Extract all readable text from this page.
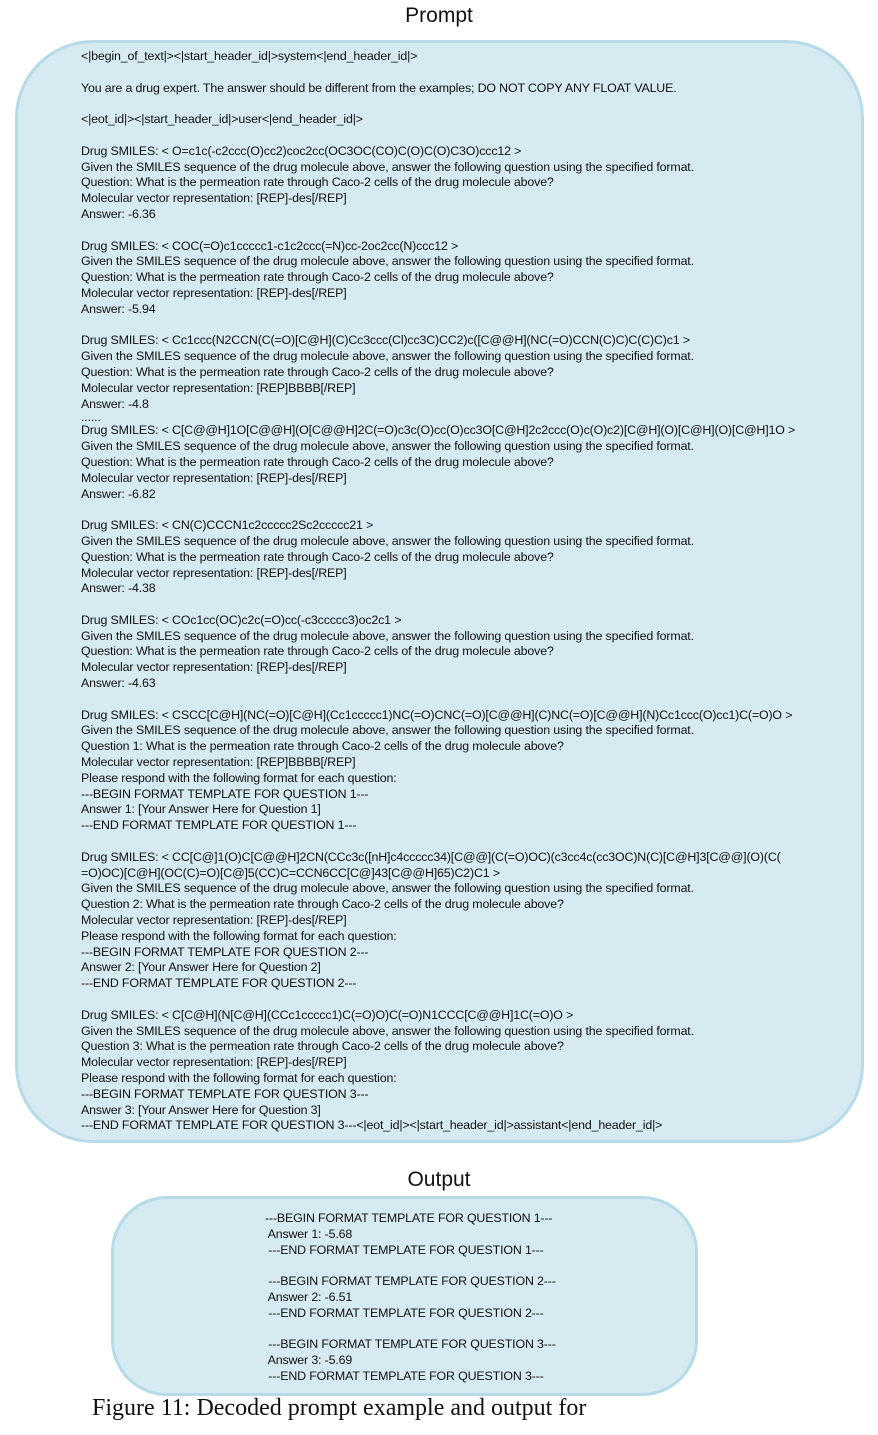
Prompt
<|begin_of_text|><|start_header_id|>system<|end_header_id|>
You are a drug expert. The answer should be different from the examples; DO NOT COPY ANY FLOAT VALUE.
<|eot_id|><|start_header_id|>user<|end_header_id|>
Drug SMILES: < O=c1c(-c2ccc(O)cc2)coc2cc(OC3OC(CO)C(O)C(O)C3O)ccc12 >
Given the SMILES sequence of the drug molecule above, answer the following question using the specified format.
Question: What is the permeation rate through Caco-2 cells of the drug molecule above?
Molecular vector representation: [REP]-des[/REP]
Answer: -6.36
Drug SMILES: < COC(=O)c1ccccc1-c1c2ccc(=N)cc-2oc2cc(N)ccc12 >
Given the SMILES sequence of the drug molecule above, answer the following question using the specified format.
Question: What is the permeation rate through Caco-2 cells of the drug molecule above?
Molecular vector representation: [REP]-des[/REP]
Answer: -5.94
Drug SMILES: < Cc1ccc(N2CCN(C(=O)[C@H](C)Cc3ccc(Cl)cc3C)CC2)c([C@@H](NC(=O)CCN(C)C)C(C)C)c1 >
Given the SMILES sequence of the drug molecule above, answer the following question using the specified format.
Question: What is the permeation rate through Caco-2 cells of the drug molecule above?
Molecular vector representation: [REP]BBBB[/REP]
Answer: -4.8
......
Drug SMILES: < C[C@@H]1O[C@@H](O[C@@H]2C(=O)c3c(O)cc(O)cc3O[C@H]2c2ccc(O)c(O)c2)[C@H](O)[C@H](O)[C@H]1O >
Given the SMILES sequence of the drug molecule above, answer the following question using the specified format.
Question: What is the permeation rate through Caco-2 cells of the drug molecule above?
Molecular vector representation: [REP]-des[/REP]
Answer: -6.82
Drug SMILES: < CN(C)CCCN1c2ccccc2Sc2ccccc21 >
Given the SMILES sequence of the drug molecule above, answer the following question using the specified format.
Question: What is the permeation rate through Caco-2 cells of the drug molecule above?
Molecular vector representation: [REP]-des[/REP]
Answer: -4.38
Drug SMILES: < COc1cc(OC)c2c(=O)cc(-c3ccccc3)oc2c1 >
Given the SMILES sequence of the drug molecule above, answer the following question using the specified format.
Question: What is the permeation rate through Caco-2 cells of the drug molecule above?
Molecular vector representation: [REP]-des[/REP]
Answer: -4.63
Drug SMILES: < CSCC[C@H](NC(=O)[C@H](Cc1ccccc1)NC(=O)CNC(=O)[C@@H](C)NC(=O)[C@@H](N)Cc1ccc(O)cc1)C(=O)O >
Given the SMILES sequence of the drug molecule above, answer the following question using the specified format.
Question 1: What is the permeation rate through Caco-2 cells of the drug molecule above?
Molecular vector representation: [REP]BBBB[/REP]
Please respond with the following format for each question:
---BEGIN FORMAT TEMPLATE FOR QUESTION 1---
Answer 1: [Your Answer Here for Question 1]
---END FORMAT TEMPLATE FOR QUESTION 1---
Drug SMILES: < CC[C@]1(O)C[C@@H]2CN(CCc3c([nH]c4ccccc34)[C@@](C(=O)OC)(c3cc4c(cc3OC)N(C)[C@H]3[C@@](O)(C(
=O)OC)[C@H](OC(C)=O)[C@]5(CC)C=CCN6CC[C@]43[C@@H]65)C2)C1 >
Given the SMILES sequence of the drug molecule above, answer the following question using the specified format.
Question 2: What is the permeation rate through Caco-2 cells of the drug molecule above?
Molecular vector representation: [REP]-des[/REP]
Please respond with the following format for each question:
---BEGIN FORMAT TEMPLATE FOR QUESTION 2---
Answer 2: [Your Answer Here for Question 2]
---END FORMAT TEMPLATE FOR QUESTION 2---
Drug SMILES: < C[C@H](N[C@H](CCc1ccccc1)C(=O)O)C(=O)N1CCC[C@@H]1C(=O)O >
Given the SMILES sequence of the drug molecule above, answer the following question using the specified format.
Question 3: What is the permeation rate through Caco-2 cells of the drug molecule above?
Molecular vector representation: [REP]-des[/REP]
Please respond with the following format for each question:
---BEGIN FORMAT TEMPLATE FOR QUESTION 3---
Answer 3: [Your Answer Here for Question 3]
---END FORMAT TEMPLATE FOR QUESTION 3---<|eot_id|><|start_header_id|>assistant<|end_header_id|>
Output
---BEGIN FORMAT TEMPLATE FOR QUESTION 1---
Answer 1: -5.68
---END FORMAT TEMPLATE FOR QUESTION 1---
---BEGIN FORMAT TEMPLATE FOR QUESTION 2---
Answer 2: -6.51
---END FORMAT TEMPLATE FOR QUESTION 2---
---BEGIN FORMAT TEMPLATE FOR QUESTION 3---
Answer 3: -5.69
---END FORMAT TEMPLATE FOR QUESTION 3---
Figure 11: Decoded prompt example and output for
